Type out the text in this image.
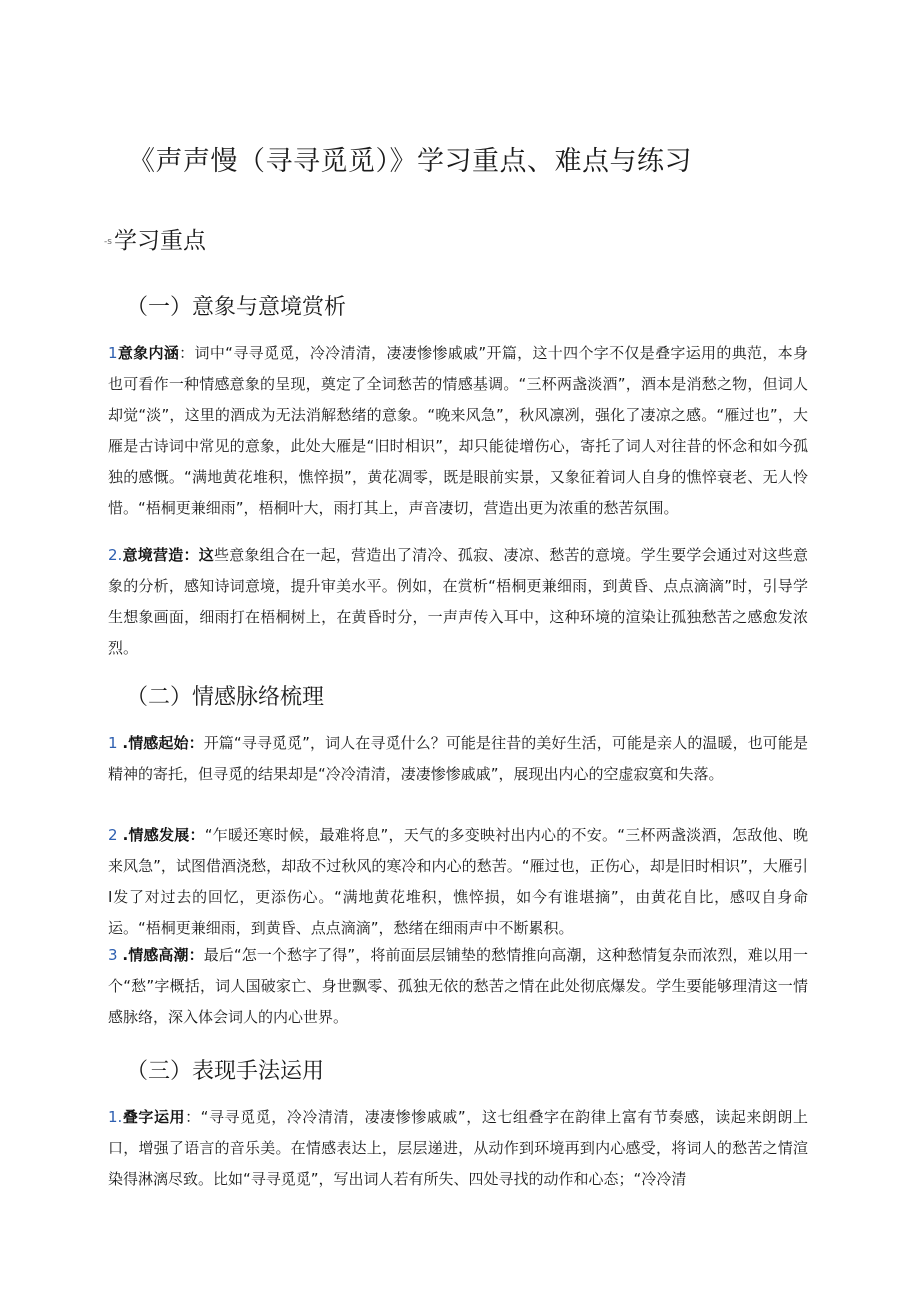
《声声慢（寻寻觅觅）》学习重点、难点与练习
-s学习重点
（一）意象与意境赏析

1意象内涵：词中“寻寻觅觅，冷冷清清，凄凄惨惨戚戚”开篇，这十四个字不仅是叠字运用的典范，本身也可看作一种情感意象的呈现，奠定了全词愁苦的情感基调。“三杯两盏淡酒”，酒本是消愁之物，但词人却觉“淡”，这里的酒成为无法消解愁绪的意象。“晚来风急”，秋风凛冽，强化了凄凉之感。“雁过也”，大雁是古诗词中常见的意象，此处大雁是“旧时相识”，却只能徒增伤心，寄托了词人对往昔的怀念和如今孤独的感慨。“满地黄花堆积，憔悴损”，黄花凋零，既是眼前实景，又象征着词人自身的憔悴衰老、无人怜惜。“梧桐更兼细雨”，梧桐叶大，雨打其上，声音凄切，营造出更为浓重的愁苦氛围。

2.意境营造：这些意象组合在一起，营造出了清冷、孤寂、凄凉、愁苦的意境。学生要学会通过对这些意象的分析，感知诗词意境，提升审美水平。例如，在赏析“梧桐更兼细雨，到黄昏、点点滴滴”时，引导学生想象画面，细雨打在梧桐树上，在黄昏时分，一声声传入耳中，这种环境的渲染让孤独愁苦之感愈发浓烈。

（二）情感脉络梳理

1 .情感起始：开篇“寻寻觅觅”，词人在寻觅什么？可能是往昔的美好生活，可能是亲人的温暖，也可能是精神的寄托，但寻觅的结果却是“冷冷清清，凄凄惨惨戚戚”，展现出内心的空虚寂寞和失落。

2 .情感发展：“乍暖还寒时候，最难将息”，天气的多变映衬出内心的不安。“三杯两盏淡酒，怎敌他、晚来风急”，试图借酒浇愁，却敌不过秋风的寒冷和内心的愁苦。“雁过也，正伤心，却是旧时相识”，大雁引I发了对过去的回忆，更添伤心。“满地黄花堆积，憔悴损，如今有谁堪摘”，由黄花自比，感叹自身命运。“梧桐更兼细雨，到黄昏、点点滴滴”，愁绪在细雨声中不断累积。

3 .情感高潮：最后“怎一个愁字了得”，将前面层层铺垫的愁情推向高潮，这种愁情复杂而浓烈，难以用一个“愁”字概括，词人国破家亡、身世飘零、孤独无依的愁苦之情在此处彻底爆发。学生要能够理清这一情感脉络，深入体会词人的内心世界。

（三）表现手法运用

1.叠字运用：“寻寻觅觅，冷冷清清，凄凄惨惨戚戚”，这七组叠字在韵律上富有节奏感，读起来朗朗上口，增强了语言的音乐美。在情感表达上，层层递进，从动作到环境再到内心感受，将词人的愁苦之情渲染得淋漓尽致。比如“寻寻觅觅”，写出词人若有所失、四处寻找的动作和心态；“冷冷清
